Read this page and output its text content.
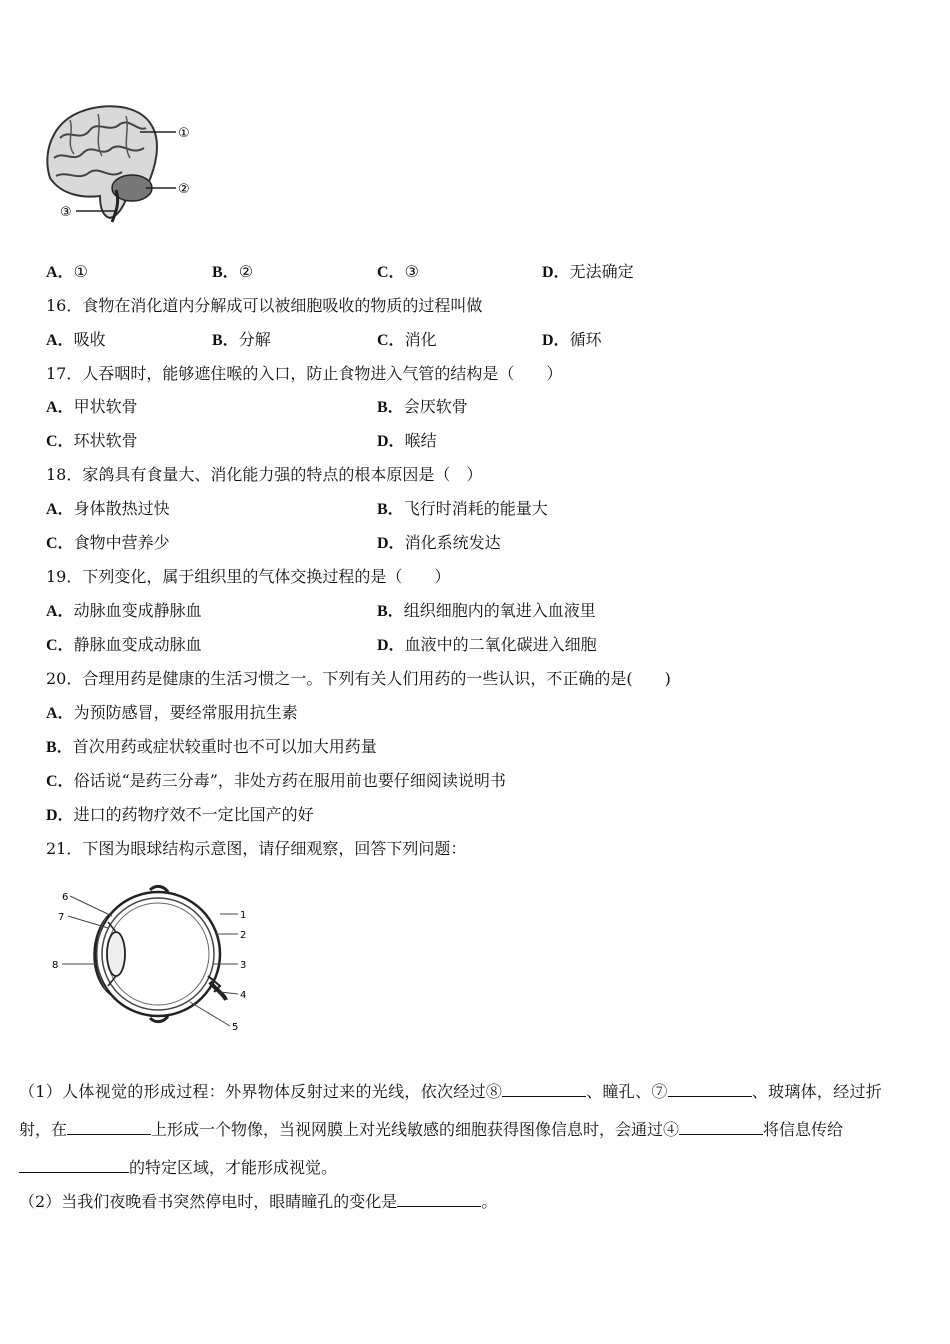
①
②
③
A．①	B．②	C．③	D．无法确定
16．食物在消化道内分解成可以被细胞吸收的物质的过程叫做
A．吸收	B．分解	C．消化	D．循环
17．人吞咽时，能够遮住喉的入口，防止食物进入气管的结构是（　　）
A．甲状软骨	B．会厌软骨
C．环状软骨	D．喉结
18．家鸽具有食量大、消化能力强的特点的根本原因是（　）
A．身体散热过快	B．飞行时消耗的能量大
C．食物中营养少	D．消化系统发达
19．下列变化，属于组织里的气体交换过程的是（　　）
A．动脉血变成静脉血	B．组织细胞内的氧进入血液里
C．静脉血变成动脉血	D．血液中的二氧化碳进入细胞
20．合理用药是健康的生活习惯之一。下列有关人们用药的一些认识，不正确的是(　　)
A．为预防感冒，要经常服用抗生素
B．首次用药或症状较重时也不可以加大用药量
C．俗话说“是药三分毒”，非处方药在服用前也要仔细阅读说明书
D．进口的药物疗效不一定比国产的好
21．下图为眼球结构示意图，请仔细观察，回答下列问题：
1
2
3
4
5
6
7
8
（1）人体视觉的形成过程：外界物体反射过来的光线，依次经过⑧	、瞳孔、⑦	、玻璃体，经过折
射，在	上形成一个物像，当视网膜上对光线敏感的细胞获得图像信息时，会通过④	将信息传给
的特定区域，才能形成视觉。
（2）当我们夜晚看书突然停电时，眼睛瞳孔的变化是	。
